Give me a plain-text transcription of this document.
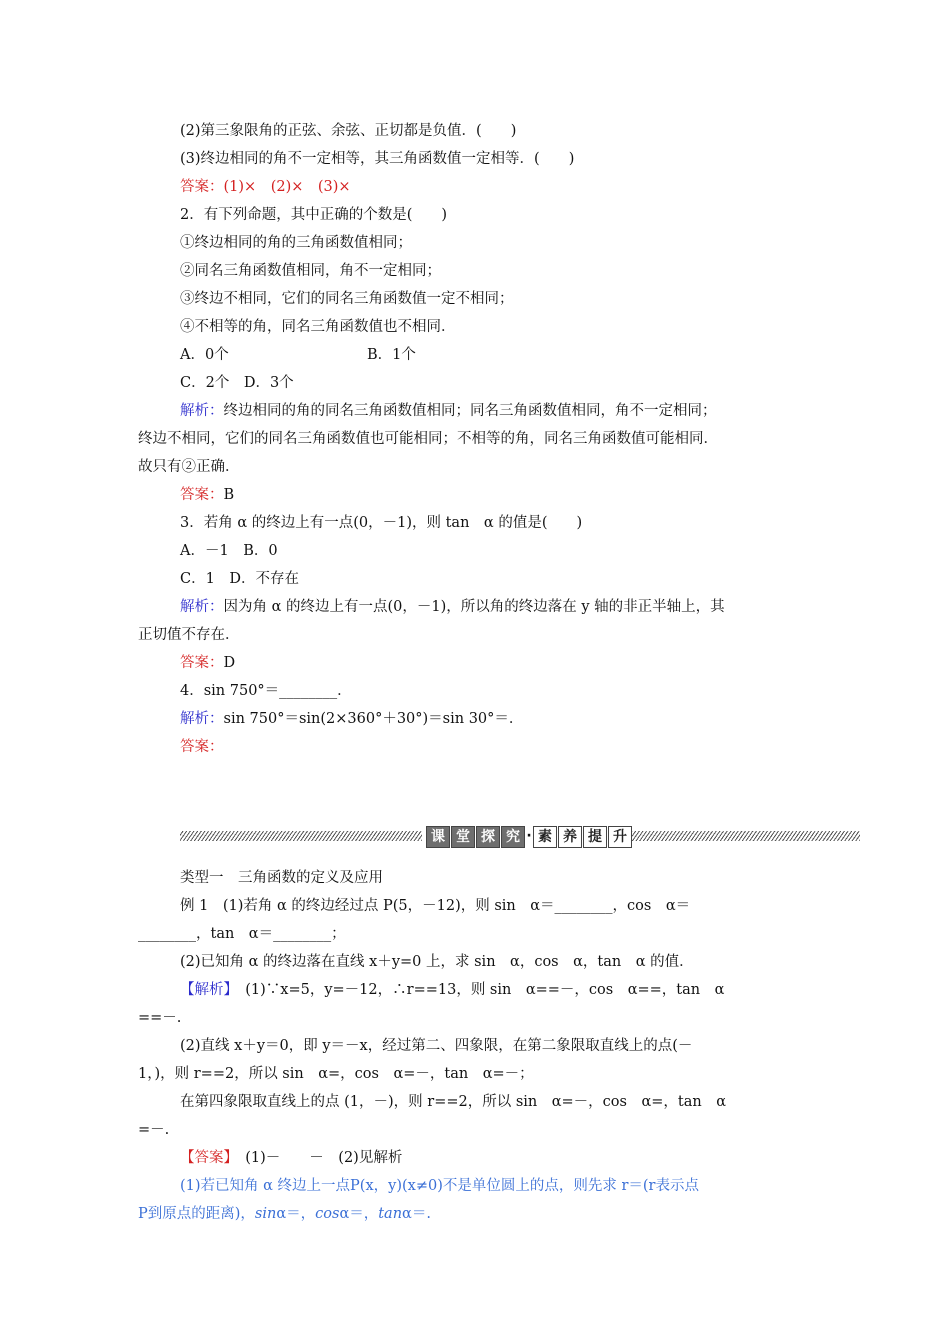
(2)第三象限角的正弦、余弦、正切都是负值．(　　)
(3)终边相同的角不一定相等，其三角函数值一定相等．(　　)
答案：(1)×　(2)×　(3)×
2．有下列命题，其中正确的个数是(　　)
①终边相同的角的三角函数值相同；
②同名三角函数值相同，角不一定相同；
③终边不相同，它们的同名三角函数值一定不相同；
④不相等的角，同名三角函数值也不相同．
A．0个	B．1个
C．2个　D．3个
解析：终边相同的角的同名三角函数值相同；同名三角函数值相同，角不一定相同；
终边不相同，它们的同名三角函数值也可能相同；不相等的角，同名三角函数值可能相同．
故只有②正确．
答案：B
3．若角 α 的终边上有一点(0，－1)，则 tan　α 的值是(　　)
A．－1　B．0
C．1　D．不存在
解析：因为角 α 的终边上有一点(0，－1)，所以角的终边落在 y 轴的非正半轴上，其
正切值不存在．
答案：D
4．sin 750°＝________．
解析：sin 750°＝sin(2×360°＋30°)＝sin 30°＝．
答案：
课 堂 探 究 · 素 养 提 升
类型一　三角函数的定义及应用
例 1　(1)若角 α 的终边经过点 P(5，－12)，则 sin　α＝________，cos　α＝
________，tan　α＝________；
(2)已知角 α 的终边落在直线 x＋y=0 上，求 sin　α，cos　α，tan　α 的值．
【解析】　(1)∵x=5，y=－12，∴r==13，则 sin　α==－，cos　α==，tan　α
==－.
(2)直线 x＋y＝0，即 y＝－x，经过第二、四象限，在第二象限取直线上的点(－
1，)，则 r==2，所以 sin　α=，cos　α=－，tan　α=－；
在第四象限取直线上的点 (1，－)，则 r==2，所以 sin　α=－，cos　α=，tan　α
=－.
【答案】　(1)－　　－　(2)见解析
(1)若已知角 α 终边上一点P(x，y)(x≠0)不是单位圆上的点，则先求 r＝(r表示点
P到原点的距离)，sinα＝，cosα＝，tanα＝.
